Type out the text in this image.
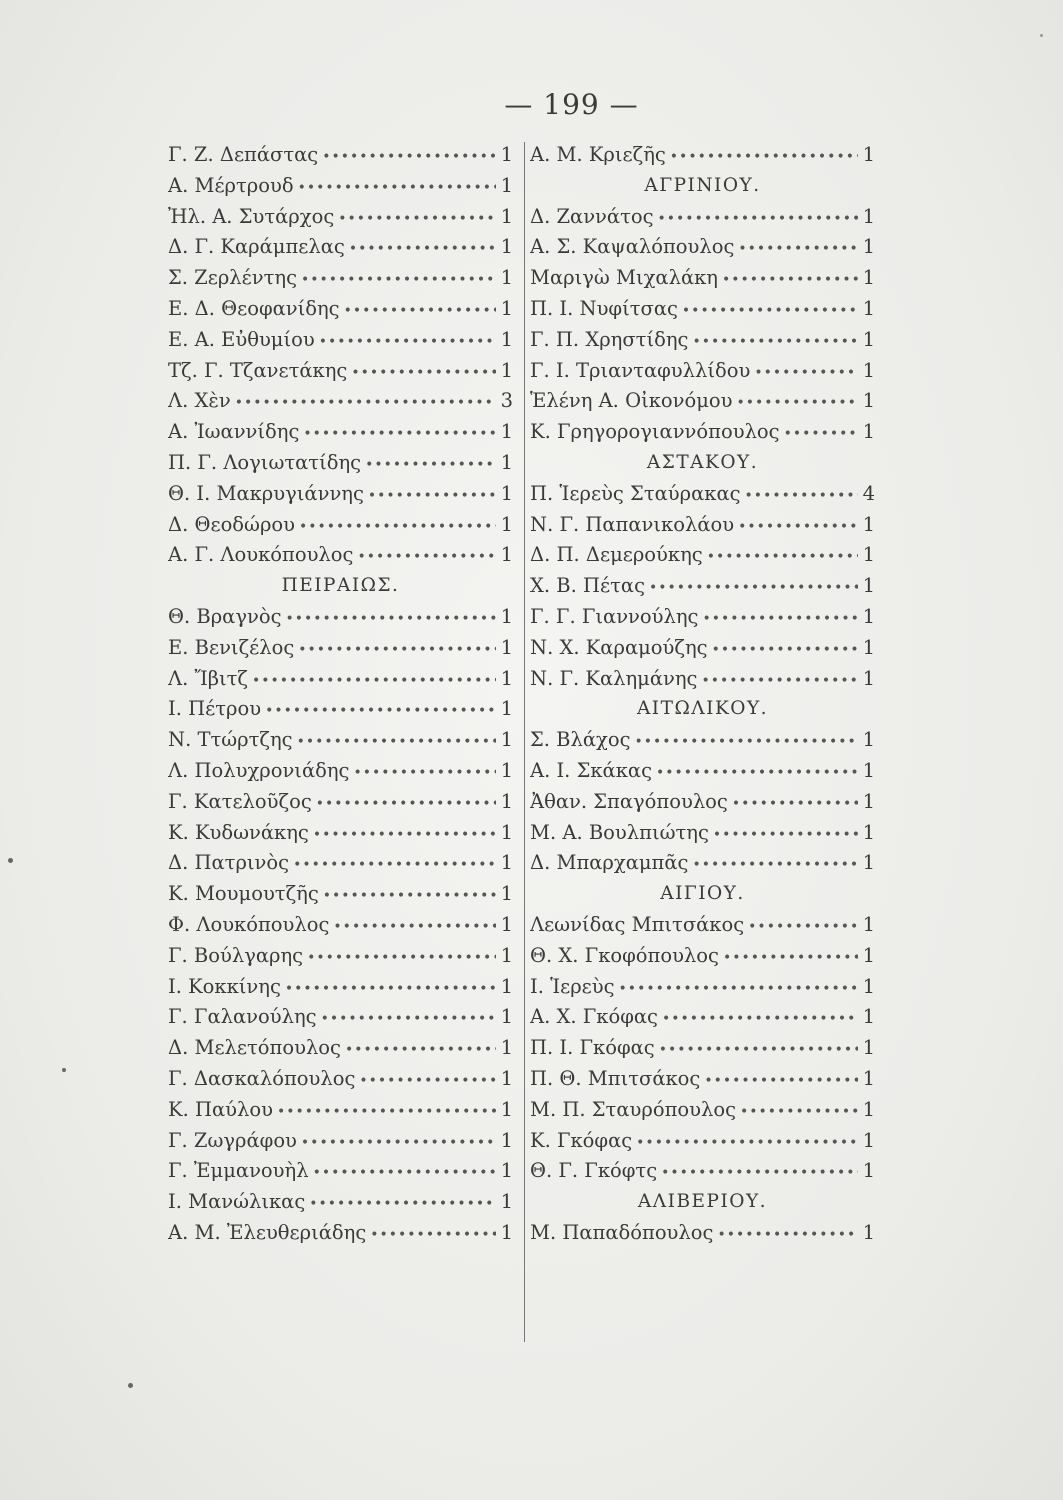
— 199 —
Γ. Ζ. Δεπάστας •••••	1
Α. Μέρτρουδ •••••	1
Ἠλ. Α. Συτάρχος •••••	1
Δ. Γ. Καράμπελας •••••	1
Σ. Ζερλέντης •••••	1
Ε. Δ. Θεοφανίδης •••••	1
Ε. Α. Εὐθυμίου •••••	1
Τζ. Γ. Τζανετάκης •••••	1
Λ. Χὲν •••••	3
Α. Ἰωαννίδης •••••	1
Π. Γ. Λογιωτατίδης •••••	1
Θ. Ι. Μακρυγιάννης •••••	1
Δ. Θεοδώρου •••••	1
Α. Γ. Λουκόπουλος •••••	1
ΠΕΙΡΑΙΩΣ.
Θ. Βραγνὸς •••••	1
Ε. Βενιζέλος •••••	1
Λ. Ἴβιτζ •••••	1
Ι. Πέτρου •••••	1
Ν. Ττώρτζης •••••	1
Λ. Πολυχρονιάδης •••••	1
Γ. Κατελοῦζος •••••	1
Κ. Κυδωνάκης •••••	1
Δ. Πατρινὸς •••••	1
Κ. Μουμουτζῆς •••••	1
Φ. Λουκόπουλος •••••	1
Γ. Βούλγαρης •••••	1
Ι. Κοκκίνης •••••	1
Γ. Γαλανούλης •••••	1
Δ. Μελετόπουλος •••••	1
Γ. Δασκαλόπουλος •••••	1
Κ. Παύλου •••••	1
Γ. Ζωγράφου •••••	1
Γ. Ἐμμανουὴλ •••••	1
Ι. Μανώλικας •••••	1
Α. Μ. Ἐλευθεριάδης •••••	1
Α. Μ. Κριεζῆς •••••	1
ΑΓΡΙΝΙΟΥ.
Δ. Ζαννάτος •••••	1
Α. Σ. Καψαλόπουλος •••••	1
Μαριγὼ Μιχαλάκη •••••	1
Π. Ι. Νυφίτσας •••••	1
Γ. Π. Χρηστίδης •••••	1
Γ. Ι. Τριανταφυλλίδου •••••	1
Ἑλένη Α. Οἰκονόμου •••••	1
Κ. Γρηγορογιαννόπουλος •••••	1
ΑΣΤΑΚΟΥ.
Π. Ἱερεὺς Σταύρακας •••••	4
Ν. Γ. Παπανικολάου •••••	1
Δ. Π. Δεμερούκης •••••	1
Χ. Β. Πέτας •••••	1
Γ. Γ. Γιαννούλης •••••	1
Ν. Χ. Καραμούζης •••••	1
Ν. Γ. Καλημάνης •••••	1
ΑΙΤΩΛΙΚΟΥ.
Σ. Βλάχος •••••	1
Α. Ι. Σκάκας •••••	1
Ἀθαν. Σπαγόπουλος •••••	1
Μ. Α. Βουλπιώτης •••••	1
Δ. Μπαρχαμπᾶς •••••	1
ΑΙΓΙΟΥ.
Λεωνίδας Μπιτσάκος •••••	1
Θ. Χ. Γκοφόπουλος •••••	1
Ι. Ἱερεὺς •••••	1
Α. Χ. Γκόφας •••••	1
Π. Ι. Γκόφας •••••	1
Π. Θ. Μπιτσάκος •••••	1
Μ. Π. Σταυρόπουλος •••••	1
Κ. Γκόφας •••••	1
Θ. Γ. Γκόφτς •••••	1
ΑΛΙΒΕΡΙΟΥ.
Μ. Παπαδόπουλος •••••	1
